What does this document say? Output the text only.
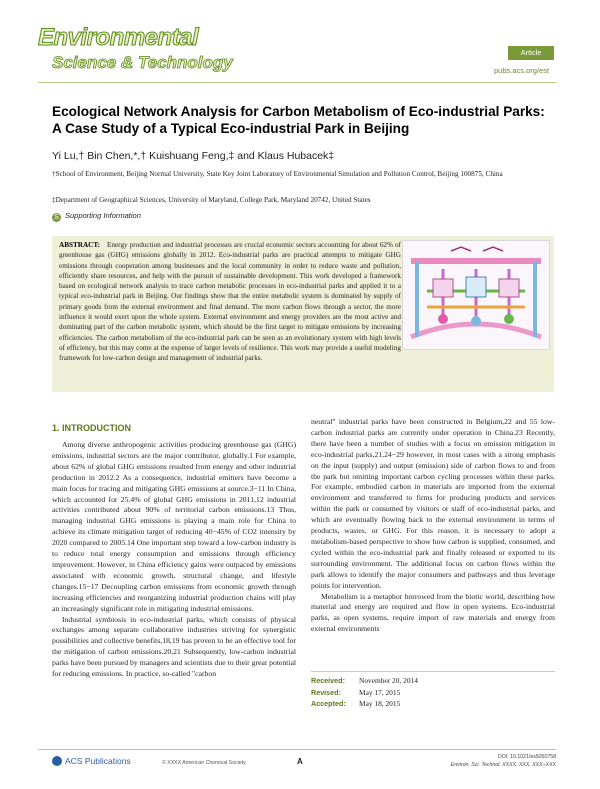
Environmental
Science & Technology
Article
pubs.acs.org/est
Ecological Network Analysis for Carbon Metabolism of Eco-industrial Parks: A Case Study of a Typical Eco-industrial Park in Beijing
Yi Lu,† Bin Chen,*,† Kuishuang Feng,‡ and Klaus Hubacek‡
†School of Environment, Beijing Normal University, State Key Joint Laboratory of Environmental Simulation and Pollution Control, Beijing 100875, China
‡Department of Geographical Sciences, University of Maryland, College Park, Maryland 20742, United States
S Supporting Information
ABSTRACT: Energy production and industrial processes are crucial economic sectors accounting for about 62% of greenhouse gas (GHG) emissions globally in 2012. Eco-industrial parks are practical attempts to mitigate GHG emissions through cooperation among businesses and the local community in order to reduce waste and pollution, efficiently share resources, and help with the pursuit of sustainable development. This work developed a framework based on ecological network analysis to trace carbon metabolic processes in eco-industrial parks and applied it to a typical eco-industrial park in Beijing. Our findings show that the entire metabolic system is dominated by supply of primary goods from the external environment and final demand. The more carbon flows through a sector, the more influence it would exert upon the whole system. External environment and energy providers are the most active and dominating part of the carbon metabolic system, which should be the first target to mitigate emissions by increasing efficiencies. The carbon metabolism of the eco-industrial park can be seen as an evolutionary system with high levels of efficiency, but this may come at the expense of larger levels of resilience. This work may provide a useful modeling framework for low-carbon design and management of industrial parks.
1. INTRODUCTION

Among diverse anthropogenic activities producing greenhouse gas (GHG) emissions, industrial sectors are the major contributor, globally.1 For example, about 62% of global GHG emissions resulted from energy and other industrial production in 2012.2 As a consequence, industrial emitters have become a main focus for tracing and mitigating GHG emissions at source.3−11 In China, which accounted for 25.4% of global GHG emissions in 2011,12 industrial activities contributed about 90% of territorial carbon emissions.13 Thus, managing industrial GHG emissions is playing a main role for China to achieve its climate mitigation target of reducing 40−45% of CO2 intensity by 2020 compared to 2005.14 One important step toward a low-carbon industry is to reduce total energy consumption and emissions through efficiency improvement. However, in China efficiency gains were outpaced by emissions associated with economic growth, structural change, and lifestyle changes.15−17 Decoupling carbon emissions from economic growth through increasing efficiencies and reorganizing industrial production chains will play an increasingly significant role in mitigating industrial emissions.

Industrial symbiosis in eco-industrial parks, which consists of physical exchanges among separate collaborative industries striving for synergistic possibilities and collective benefits,18,19 has proven to be an effective tool for the mitigation of carbon emissions.20,21 Subsequently, low-carbon industrial parks have been pursued by managers and scientists due to their great potential for reducing emissions. In practice, so-called "carbon

neutral" industrial parks have been constructed in Belgium,22 and 55 low-carbon industrial parks are currently under operation in China.23 Recently, there have been a number of studies with a focus on emission mitigation in eco-industrial parks,21,24−29 however, in most cases with a strong emphasis on the input (supply) and output (emission) side of carbon flows to and from the park but omitting important carbon cycling processes within these parks. For example, embodied carbon in materials are imported from the external environment and transferred to firms for producing products and services within the park or consumed by visitors or staff of eco-industrial parks, and which are eventually flowing back to the external environment in terms of products, wastes, or GHG. For this reason, it is necessary to adopt a metabolism-based perspective to show how carbon is supplied, consumed, and cycled within the eco-industrial park and finally released or exported to its surrounding environment. The additional focus on carbon flows within the park allows to identify the major consumers and pathways and thus leverage points for intervention.

Metabolism is a metaphor borrowed from the biotic world, describing how material and energy are required and flow in open systems. Eco-industrial parks, as open systems, require import of raw materials and energy from external environments

Received: November 20, 2014
Revised: May 17, 2015
Accepted: May 18, 2015
ACS Publications	© XXXX American Chemical Society	A	DOI: 10.1021/es5050758
Environ. Sci. Technol. XXXX, XXX, XXX−XXX
